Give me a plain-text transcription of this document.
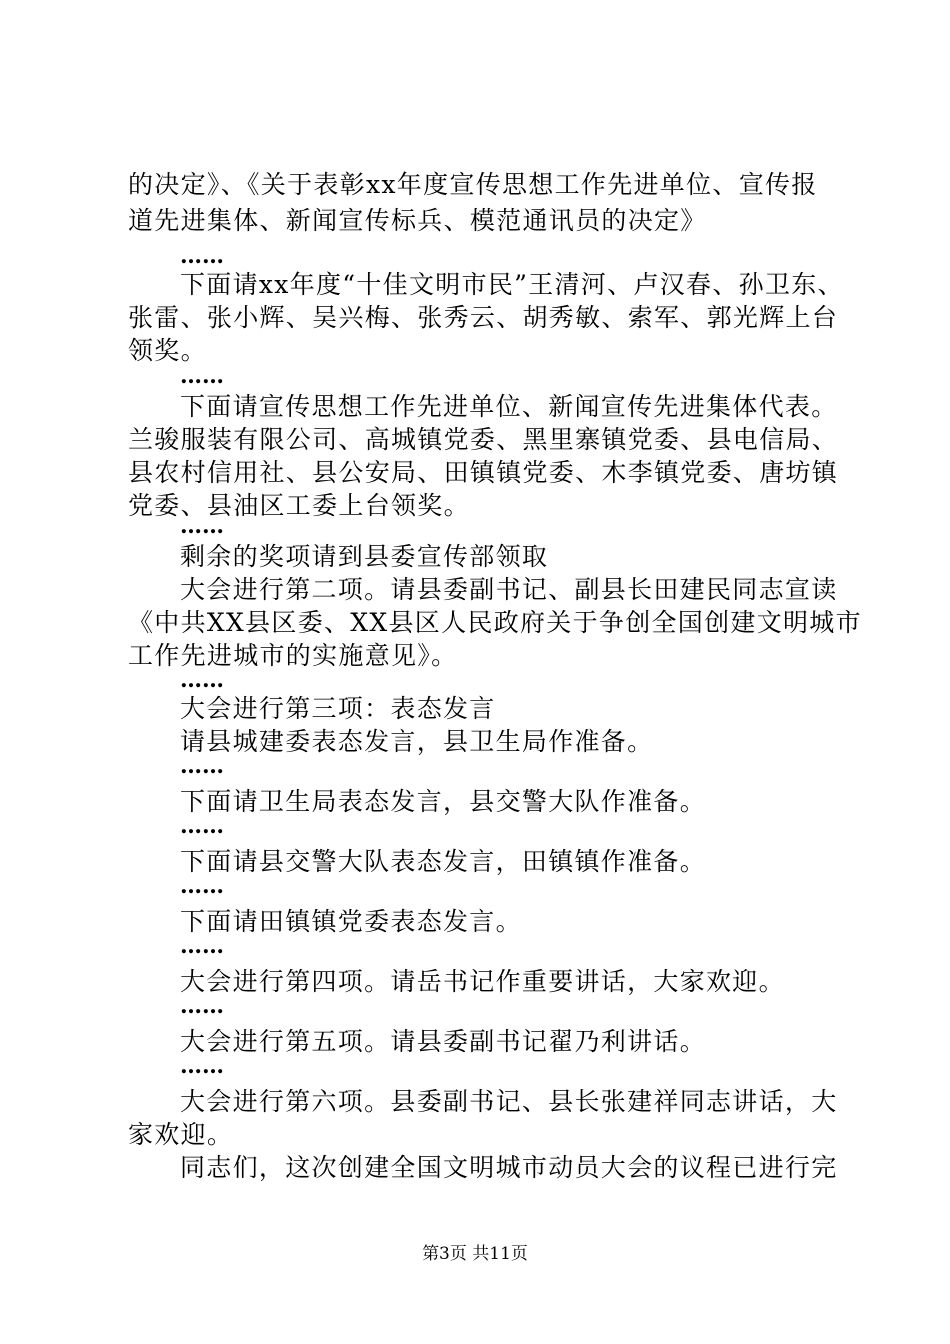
的决定》、《关于表彰xx年度宣传思想工作先进单位、宣传报
道先进集体、新闻宣传标兵、模范通讯员的决定》
……
下面请xx年度“十佳文明市民”王清河、卢汉春、孙卫东、
张雷、张小辉、吴兴梅、张秀云、胡秀敏、索军、郭光辉上台
领奖。
……
下面请宣传思想工作先进单位、新闻宣传先进集体代表。
兰骏服装有限公司、高城镇党委、黑里寨镇党委、县电信局、
县农村信用社、县公安局、田镇镇党委、木李镇党委、唐坊镇
党委、县油区工委上台领奖。
……
剩余的奖项请到县委宣传部领取
大会进行第二项。请县委副书记、副县长田建民同志宣读
《中共XX县区委、XX县区人民政府关于争创全国创建文明城市
工作先进城市的实施意见》。
……
大会进行第三项：表态发言
请县城建委表态发言，县卫生局作准备。
……
下面请卫生局表态发言，县交警大队作准备。
……
下面请县交警大队表态发言，田镇镇作准备。
……
下面请田镇镇党委表态发言。
……
大会进行第四项。请岳书记作重要讲话，大家欢迎。
……
大会进行第五项。请县委副书记翟乃利讲话。
……
大会进行第六项。县委副书记、县长张建祥同志讲话，大
家欢迎。
同志们，这次创建全国文明城市动员大会的议程已进行完
第3页 共11页
